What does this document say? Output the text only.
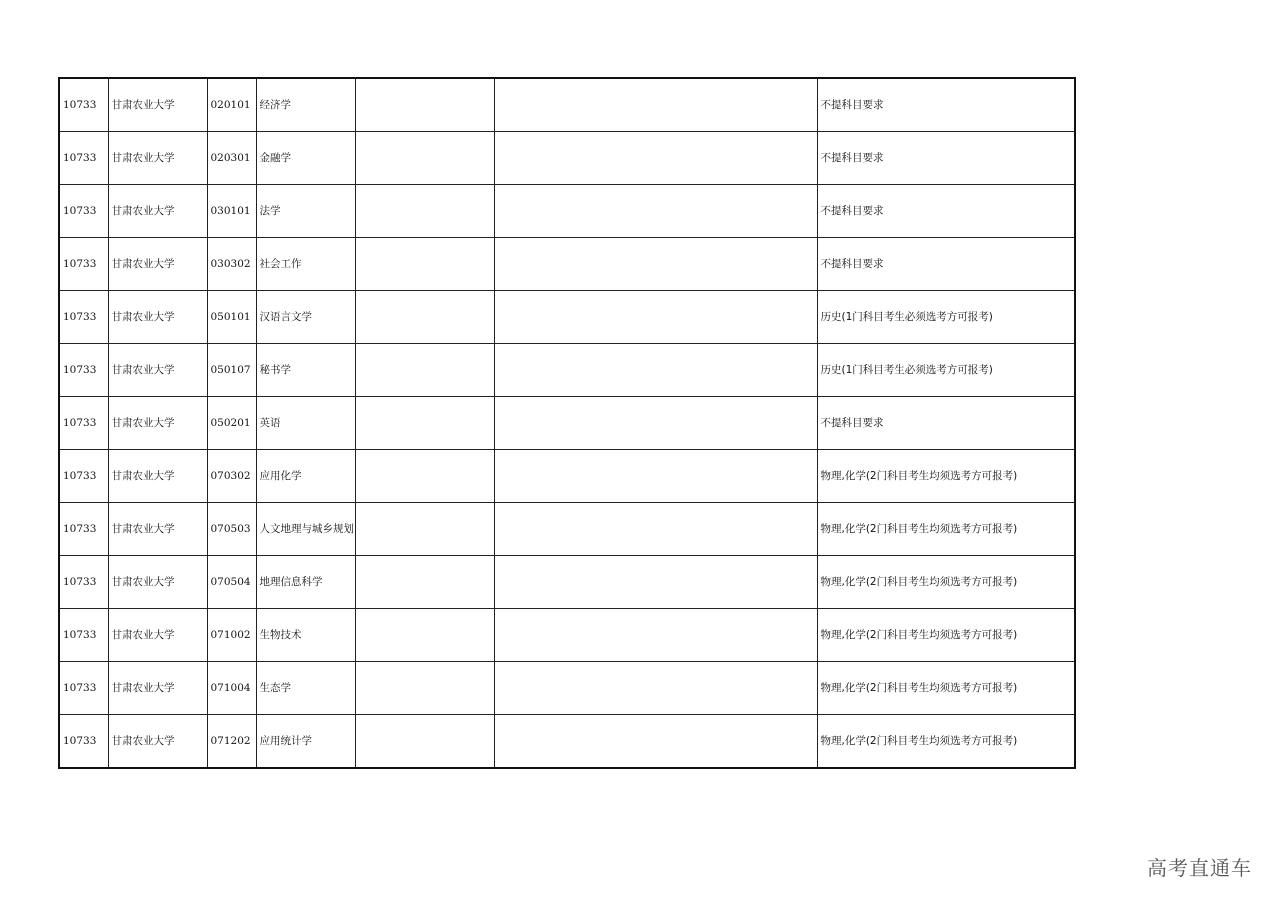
10733	甘肃农业大学	020101	经济学			不提科目要求
10733	甘肃农业大学	020301	金融学			不提科目要求
10733	甘肃农业大学	030101	法学			不提科目要求
10733	甘肃农业大学	030302	社会工作			不提科目要求
10733	甘肃农业大学	050101	汉语言文学			历史(1门科目考生必须选考方可报考)
10733	甘肃农业大学	050107	秘书学			历史(1门科目考生必须选考方可报考)
10733	甘肃农业大学	050201	英语			不提科目要求
10733	甘肃农业大学	070302	应用化学			物理,化学(2门科目考生均须选考方可报考)
10733	甘肃农业大学	070503	人文地理与城乡规划			物理,化学(2门科目考生均须选考方可报考)
10733	甘肃农业大学	070504	地理信息科学			物理,化学(2门科目考生均须选考方可报考)
10733	甘肃农业大学	071002	生物技术			物理,化学(2门科目考生均须选考方可报考)
10733	甘肃农业大学	071004	生态学			物理,化学(2门科目考生均须选考方可报考)
10733	甘肃农业大学	071202	应用统计学			物理,化学(2门科目考生均须选考方可报考)
高考直通车
